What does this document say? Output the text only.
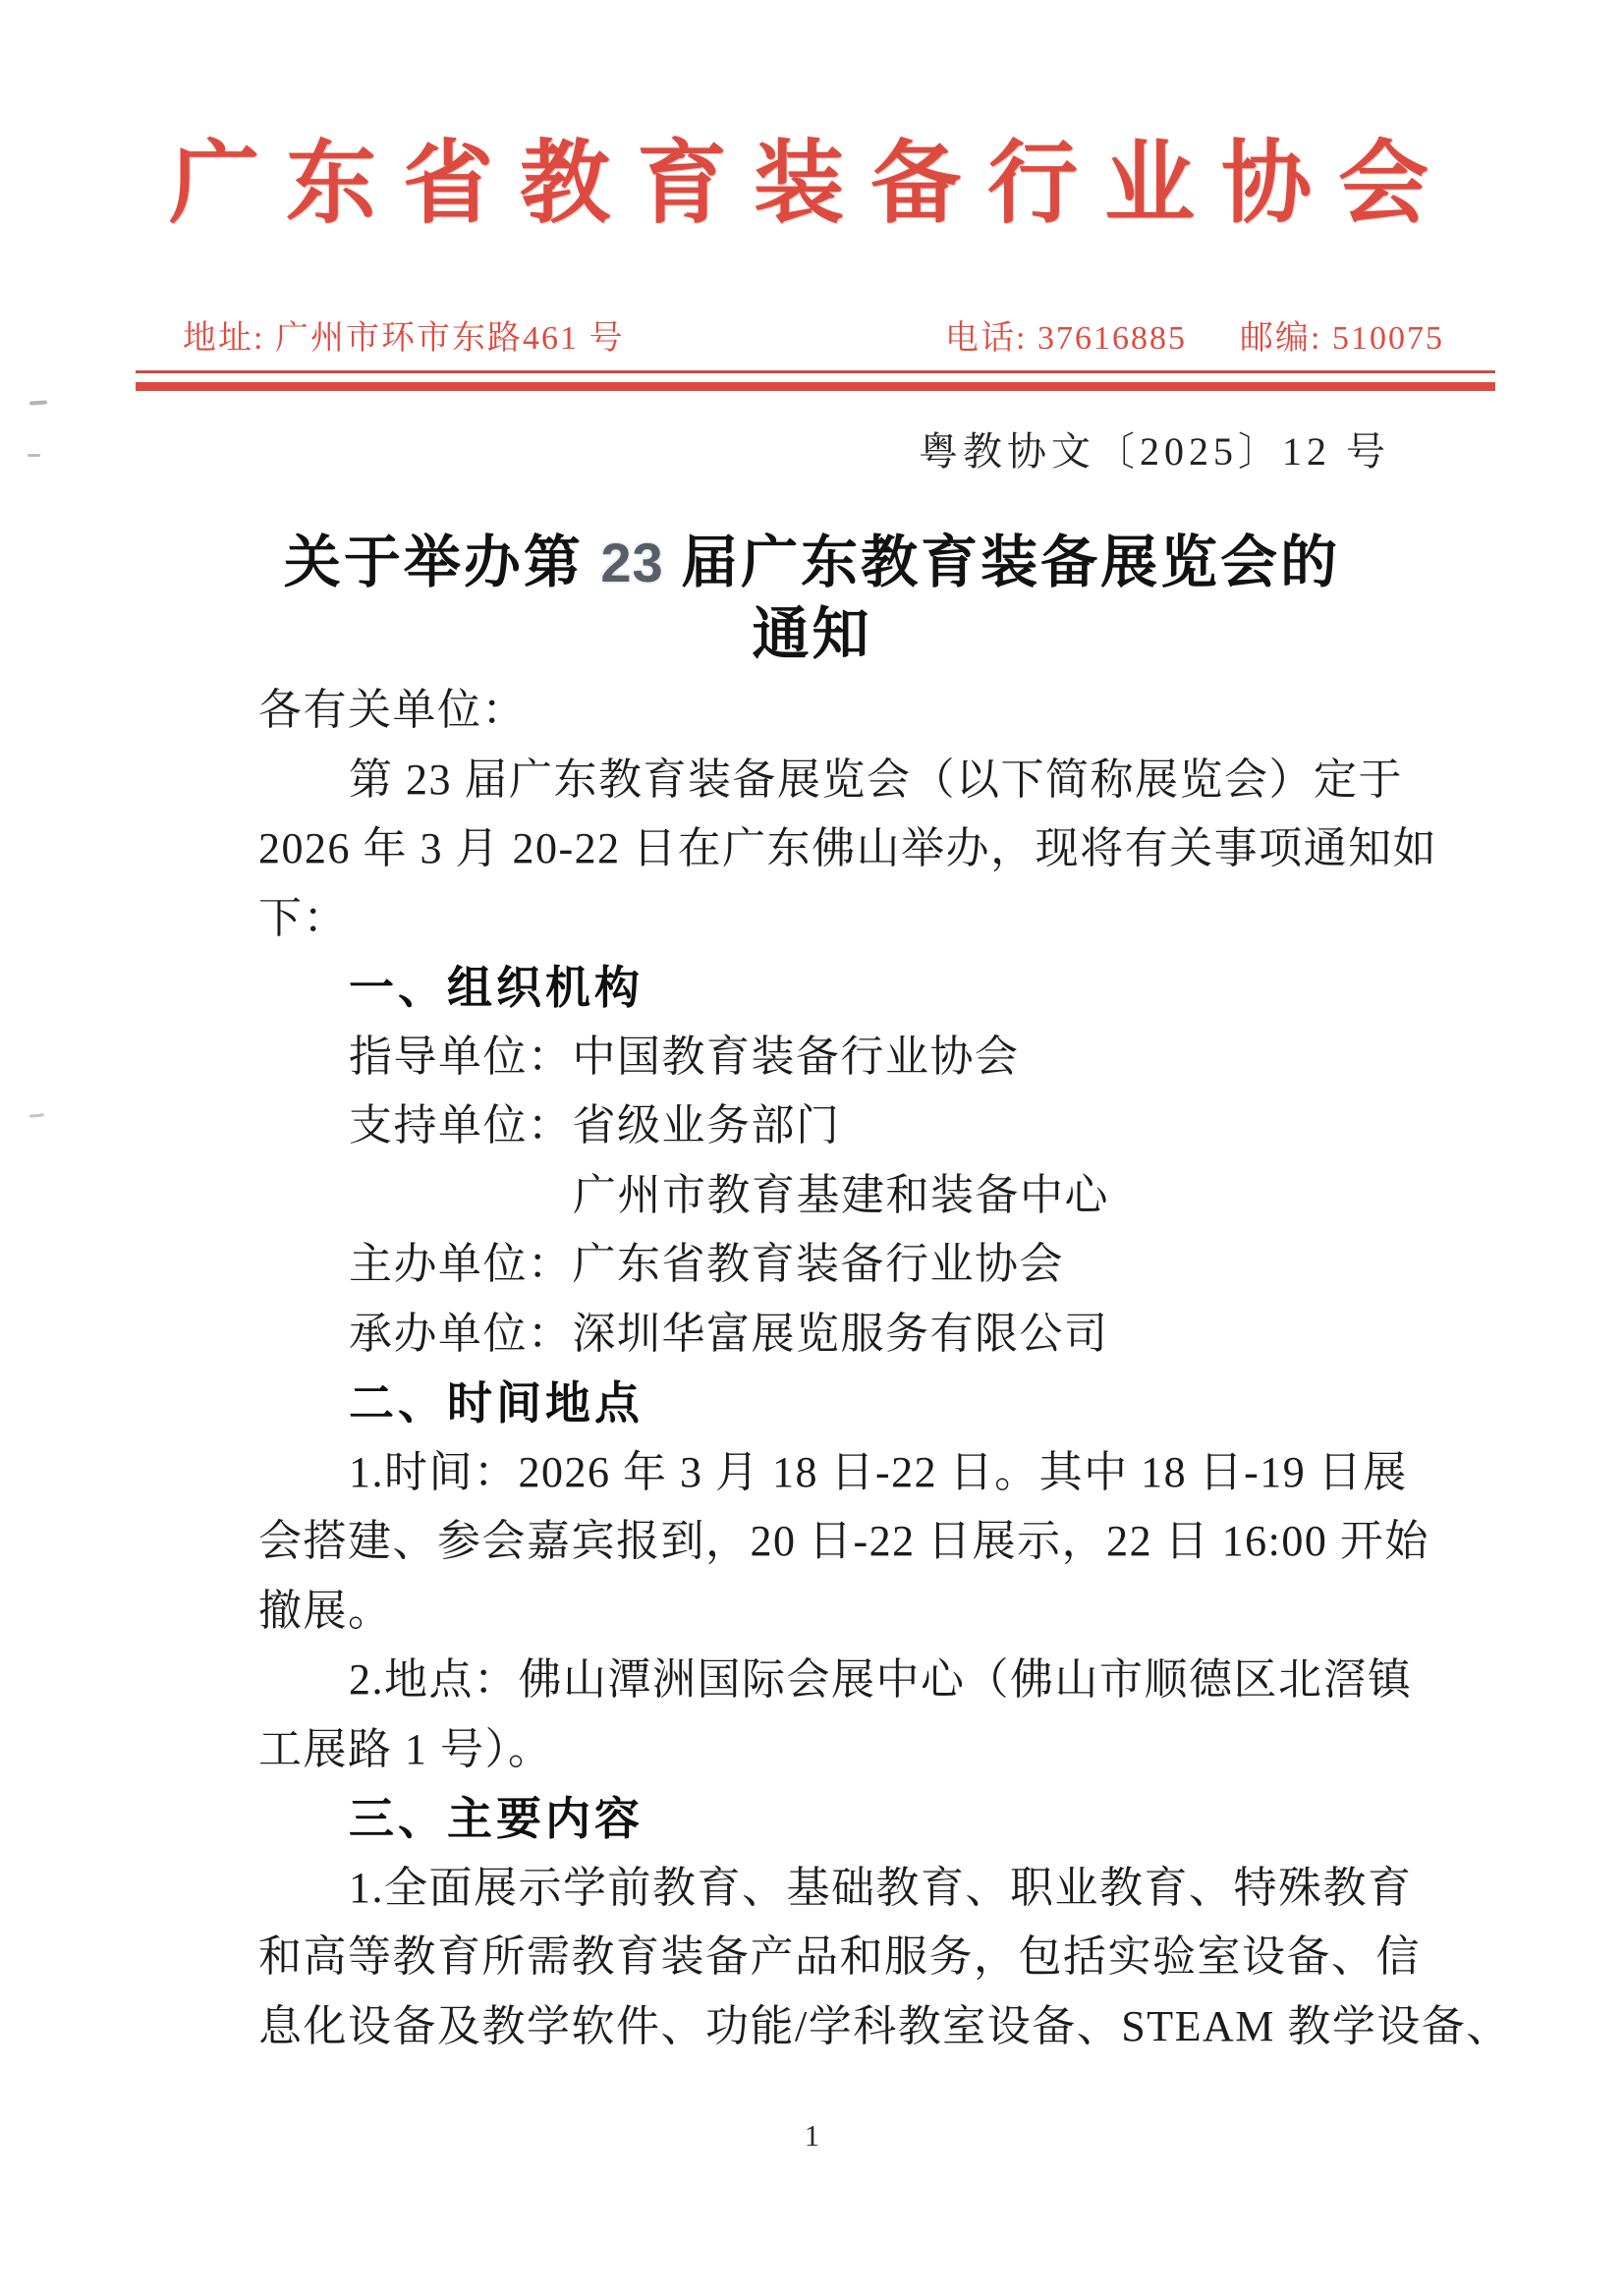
广东省教育装备行业协会
地址: 广州市环市东路461 号	电话: 37616885 邮编: 510075
粤教协文〔2025〕12 号
关于举办第 23 届广东教育装备展览会的
通知
各有关单位：
第 23 届广东教育装备展览会（以下简称展览会）定于
2026 年 3 月 20-22 日在广东佛山举办，现将有关事项通知如
下：
一、组织机构
指导单位：中国教育装备行业协会
支持单位：省级业务部门
广州市教育基建和装备中心
主办单位：广东省教育装备行业协会
承办单位：深圳华富展览服务有限公司
二、时间地点
1.时间：2026 年 3 月 18 日-22 日。其中 18 日-19 日展
会搭建、参会嘉宾报到，20 日-22 日展示，22 日 16:00 开始
撤展。
2.地点：佛山潭洲国际会展中心（佛山市顺德区北滘镇
工展路 1 号）。
三、主要内容
1.全面展示学前教育、基础教育、职业教育、特殊教育
和高等教育所需教育装备产品和服务，包括实验室设备、信
息化设备及教学软件、功能/学科教室设备、STEAM 教学设备、
1
